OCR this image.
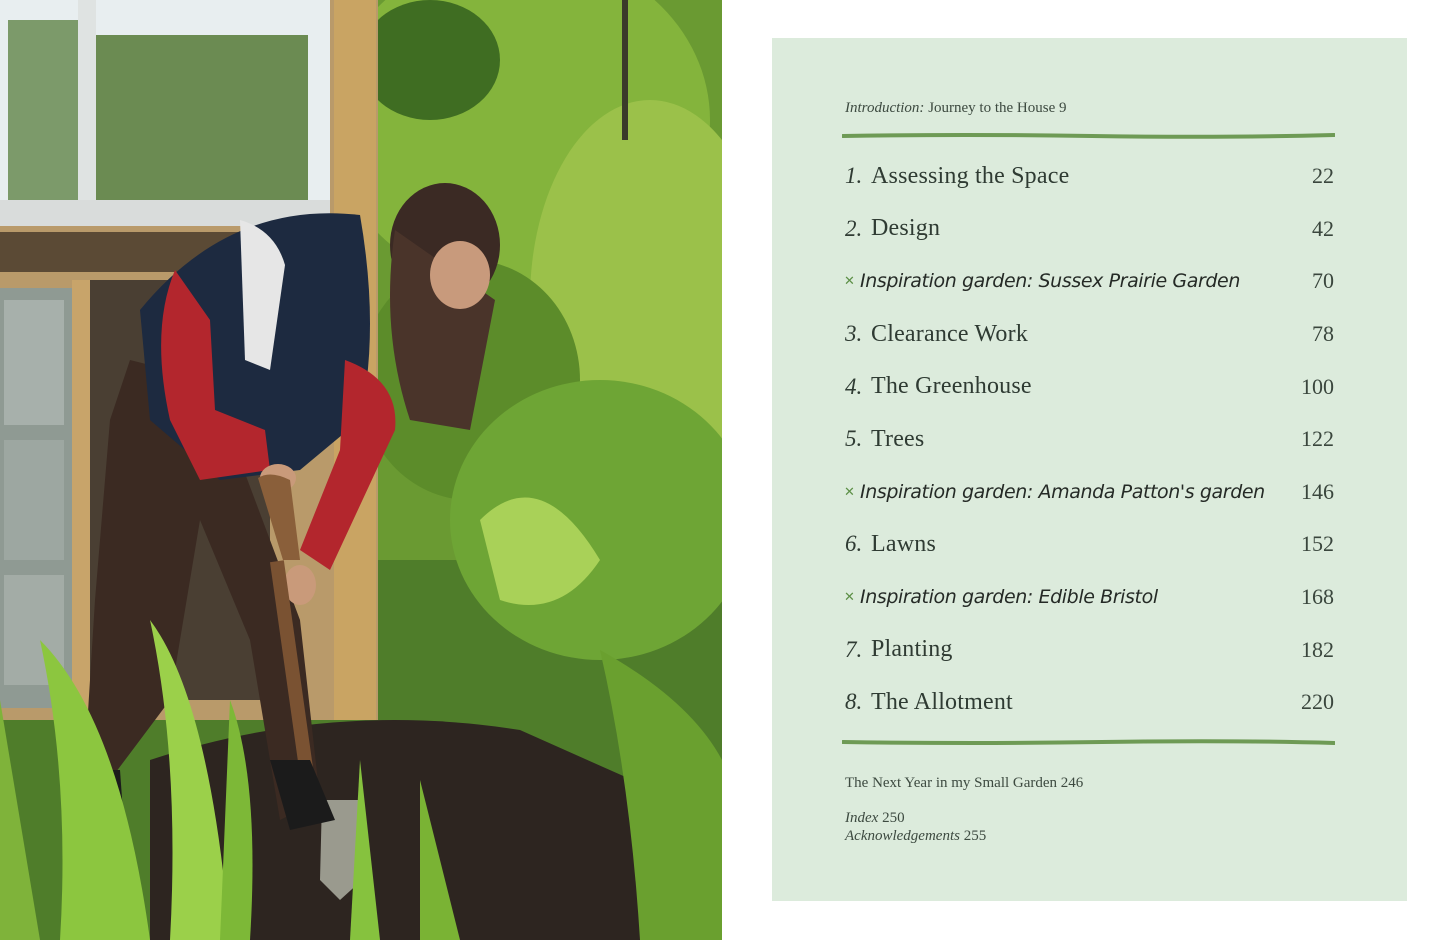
Introduction: Journey to the House 9
1. Assessing the Space	22
2. Design	42
✕ Inspiration garden: Sussex Prairie Garden	70
3. Clearance Work	78
4. The Greenhouse	100
5. Trees	122
✕ Inspiration garden: Amanda Patton's garden 146
6. Lawns	152
✕ Inspiration garden: Edible Bristol	168
7. Planting	182
8. The Allotment	220
The Next Year in my Small Garden 246
Index 250
Acknowledgements 255
